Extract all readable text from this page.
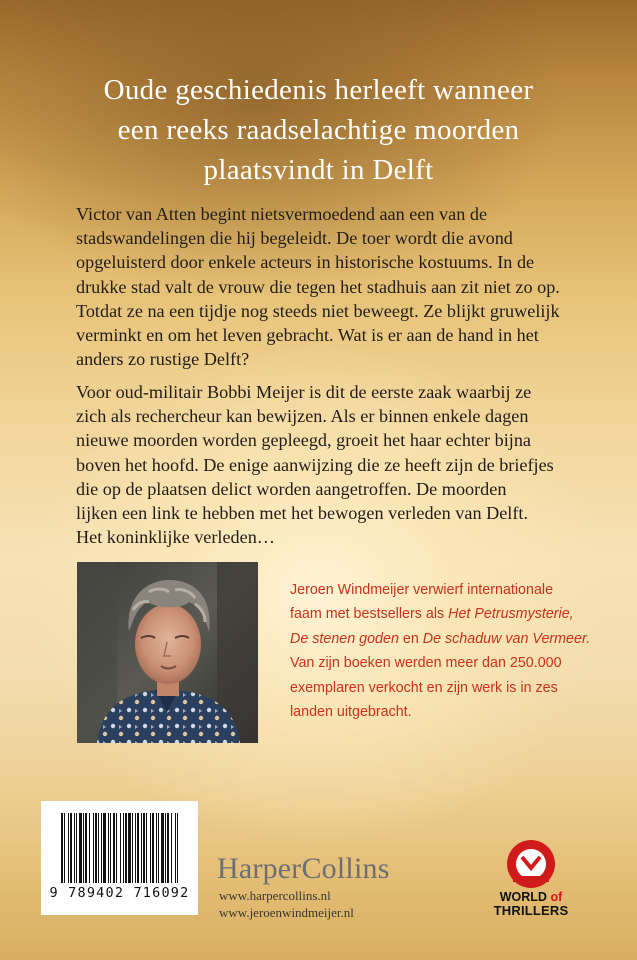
Oude geschiedenis herleeft wanneer
een reeks raadselachtige moorden
plaatsvindt in Delft
Victor van Atten begint nietsvermoedend aan een van de
stadswandelingen die hij begeleidt. De toer wordt die avond
opgeluisterd door enkele acteurs in historische kostuums. In de
drukke stad valt de vrouw die tegen het stadhuis aan zit niet zo op.
Totdat ze na een tijdje nog steeds niet beweegt. Ze blijkt gruwelijk
verminkt en om het leven gebracht. Wat is er aan de hand in het
anders zo rustige Delft?
Voor oud-militair Bobbi Meijer is dit de eerste zaak waarbij ze
zich als rechercheur kan bewijzen. Als er binnen enkele dagen
nieuwe moorden worden gepleegd, groeit het haar echter bijna
boven het hoofd. De enige aanwijzing die ze heeft zijn de briefjes
die op de plaatsen delict worden aangetroffen. De moorden
lijken een link te hebben met het bewogen verleden van Delft.
Het koninklijke verleden…
Jeroen Windmeijer verwierf internationale
faam met bestsellers als Het Petrusmysterie,
De stenen goden en De schaduw van Vermeer.
Van zijn boeken werden meer dan 250.000
exemplaren verkocht en zijn werk is in zes
landen uitgebracht.
9 789402 716092
HarperCollins
www.harpercollins.nl
www.jeroenwindmeijer.nl
WORLD of
THRILLERS
